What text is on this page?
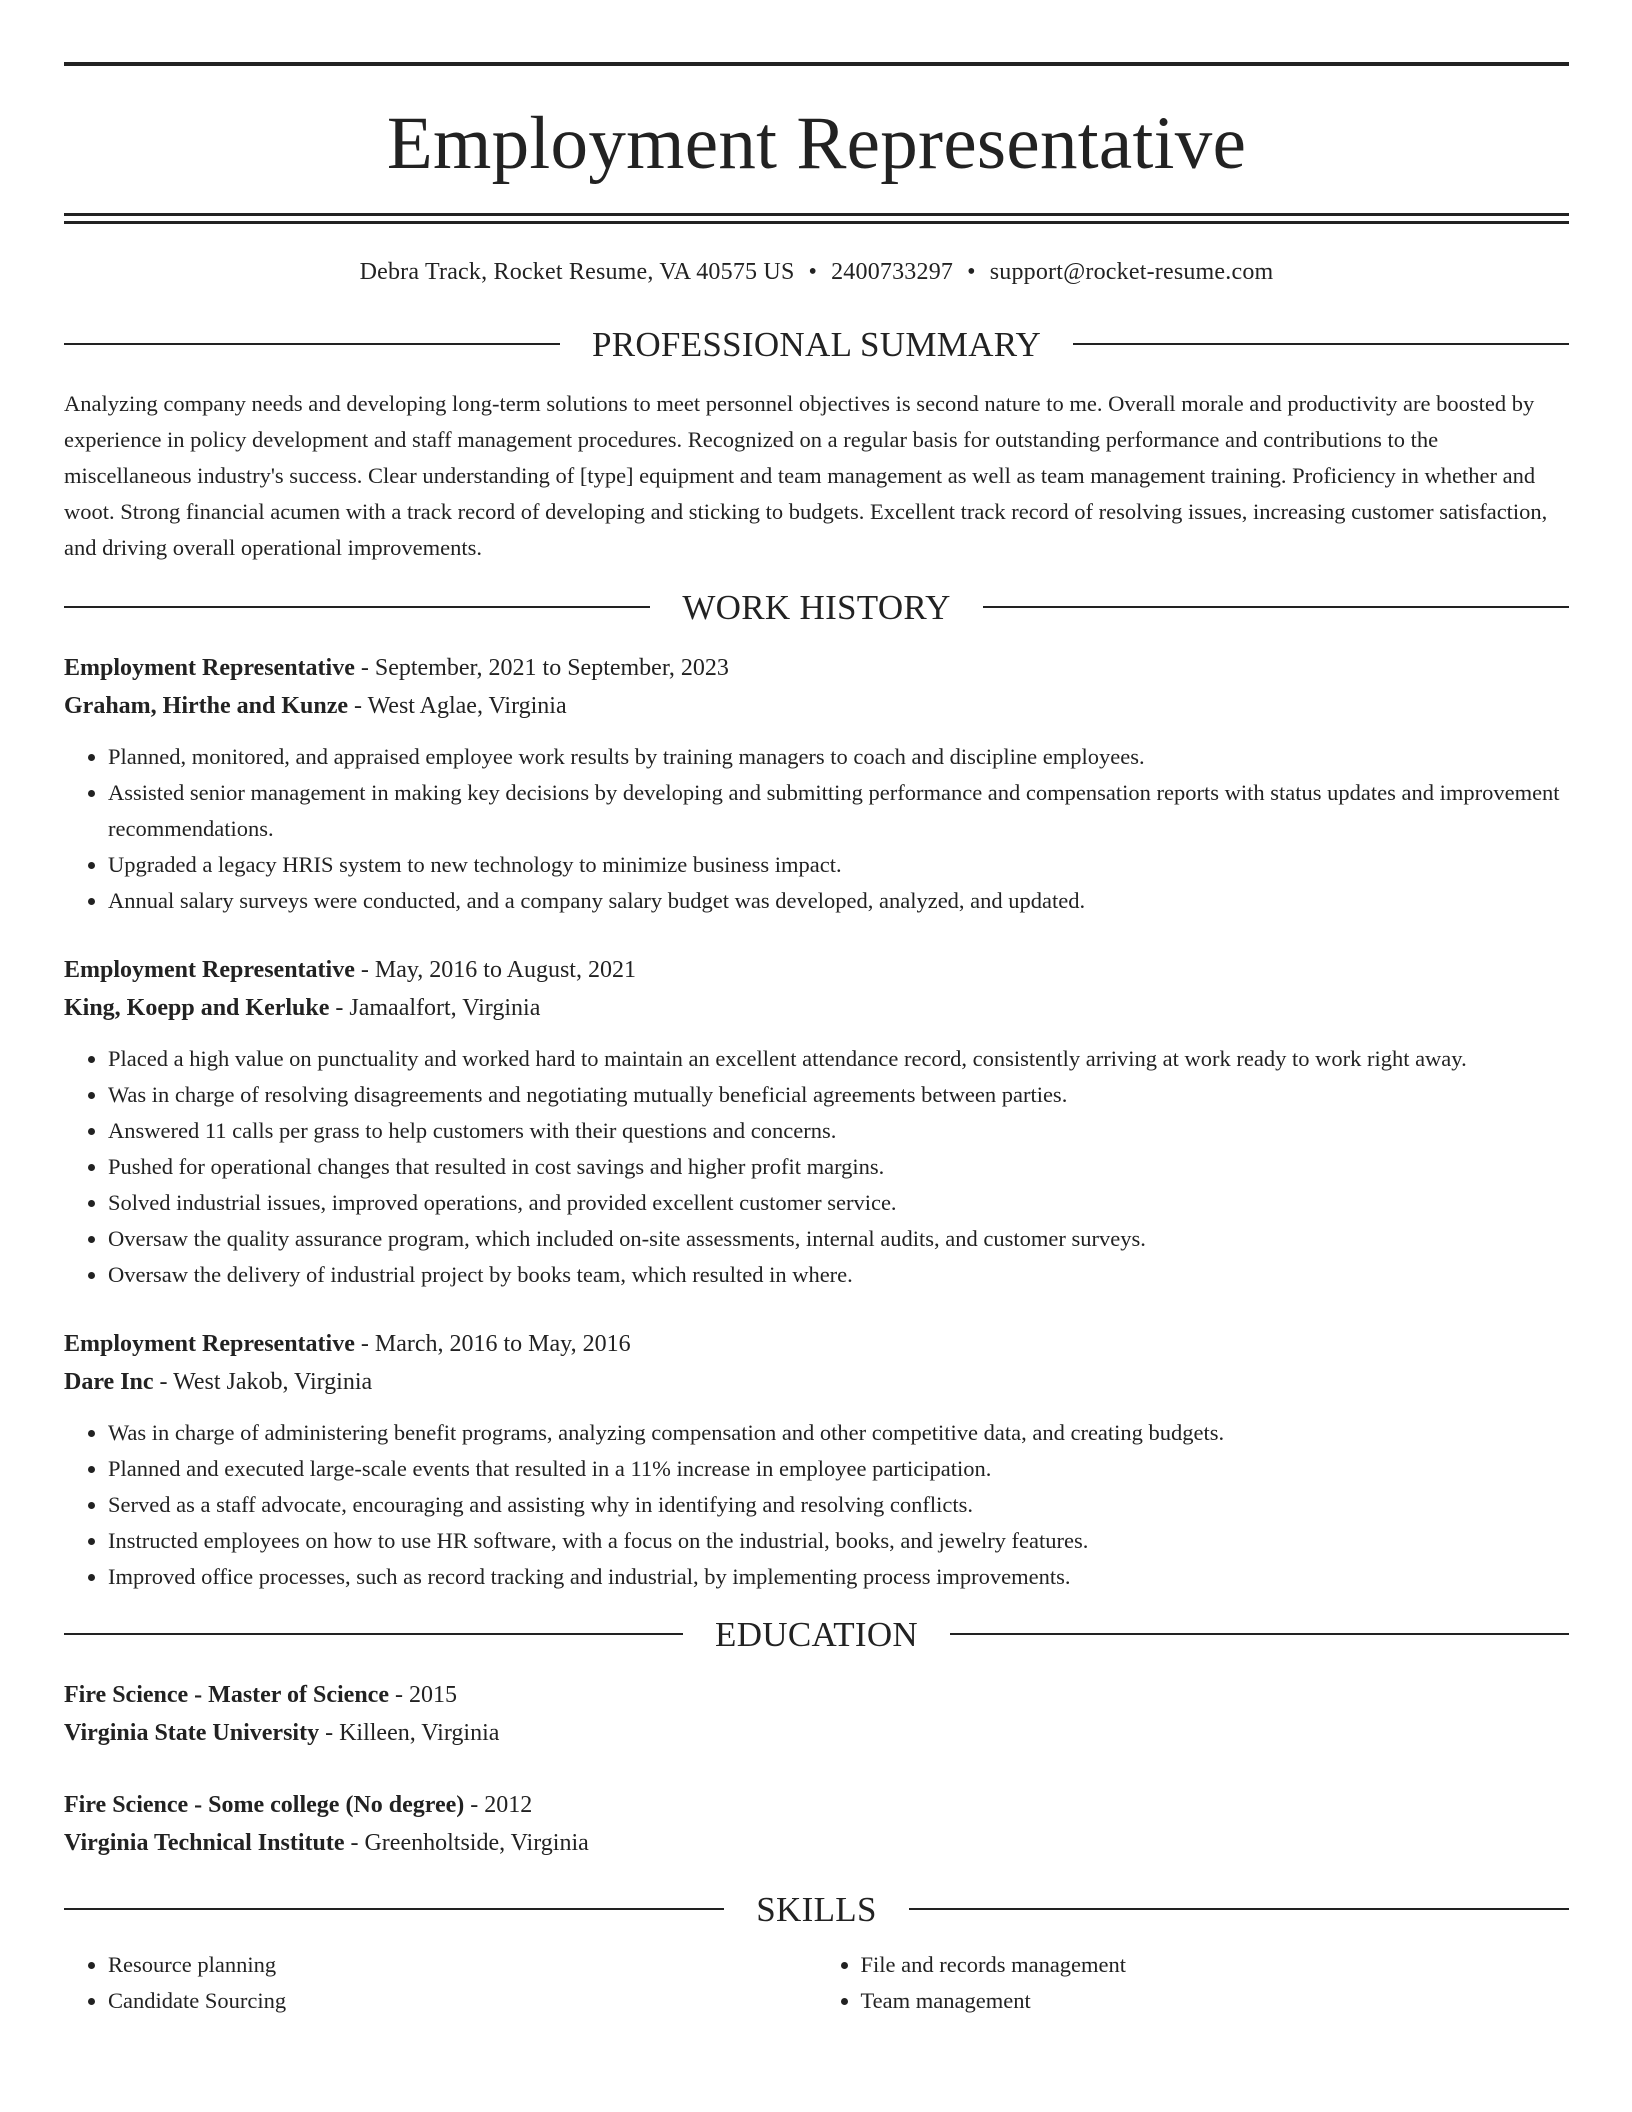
Employment Representative
Debra Track, Rocket Resume, VA 40575 US • 2400733297 • support@rocket-resume.com
PROFESSIONAL SUMMARY

Analyzing company needs and developing long-term solutions to meet personnel objectives is second nature to me. Overall morale and productivity are boosted by experience in policy development and staff management procedures. Recognized on a regular basis for outstanding performance and contributions to the miscellaneous industry's success. Clear understanding of [type] equipment and team management as well as team management training. Proficiency in whether and woot. Strong financial acumen with a track record of developing and sticking to budgets. Excellent track record of resolving issues, increasing customer satisfaction, and driving overall operational improvements.

WORK HISTORY
Employment Representative - September, 2021 to September, 2023
Graham, Hirthe and Kunze - West Aglae, Virginia
• Planned, monitored, and appraised employee work results by training managers to coach and discipline employees.
• Assisted senior management in making key decisions by developing and submitting performance and compensation reports with status updates and improvement recommendations.
• Upgraded a legacy HRIS system to new technology to minimize business impact.
• Annual salary surveys were conducted, and a company salary budget was developed, analyzed, and updated.
Employment Representative - May, 2016 to August, 2021
King, Koepp and Kerluke - Jamaalfort, Virginia
• Placed a high value on punctuality and worked hard to maintain an excellent attendance record, consistently arriving at work ready to work right away.
• Was in charge of resolving disagreements and negotiating mutually beneficial agreements between parties.
• Answered 11 calls per grass to help customers with their questions and concerns.
• Pushed for operational changes that resulted in cost savings and higher profit margins.
• Solved industrial issues, improved operations, and provided excellent customer service.
• Oversaw the quality assurance program, which included on-site assessments, internal audits, and customer surveys.
• Oversaw the delivery of industrial project by books team, which resulted in where.
Employment Representative - March, 2016 to May, 2016
Dare Inc - West Jakob, Virginia
• Was in charge of administering benefit programs, analyzing compensation and other competitive data, and creating budgets.
• Planned and executed large-scale events that resulted in a 11% increase in employee participation.
• Served as a staff advocate, encouraging and assisting why in identifying and resolving conflicts.
• Instructed employees on how to use HR software, with a focus on the industrial, books, and jewelry features.
• Improved office processes, such as record tracking and industrial, by implementing process improvements.
EDUCATION
Fire Science - Master of Science - 2015
Virginia State University - Killeen, Virginia
Fire Science - Some college (No degree) - 2012
Virginia Technical Institute - Greenholtside, Virginia
SKILLS
• Resource planning
• Candidate Sourcing
• File and records management
• Team management
